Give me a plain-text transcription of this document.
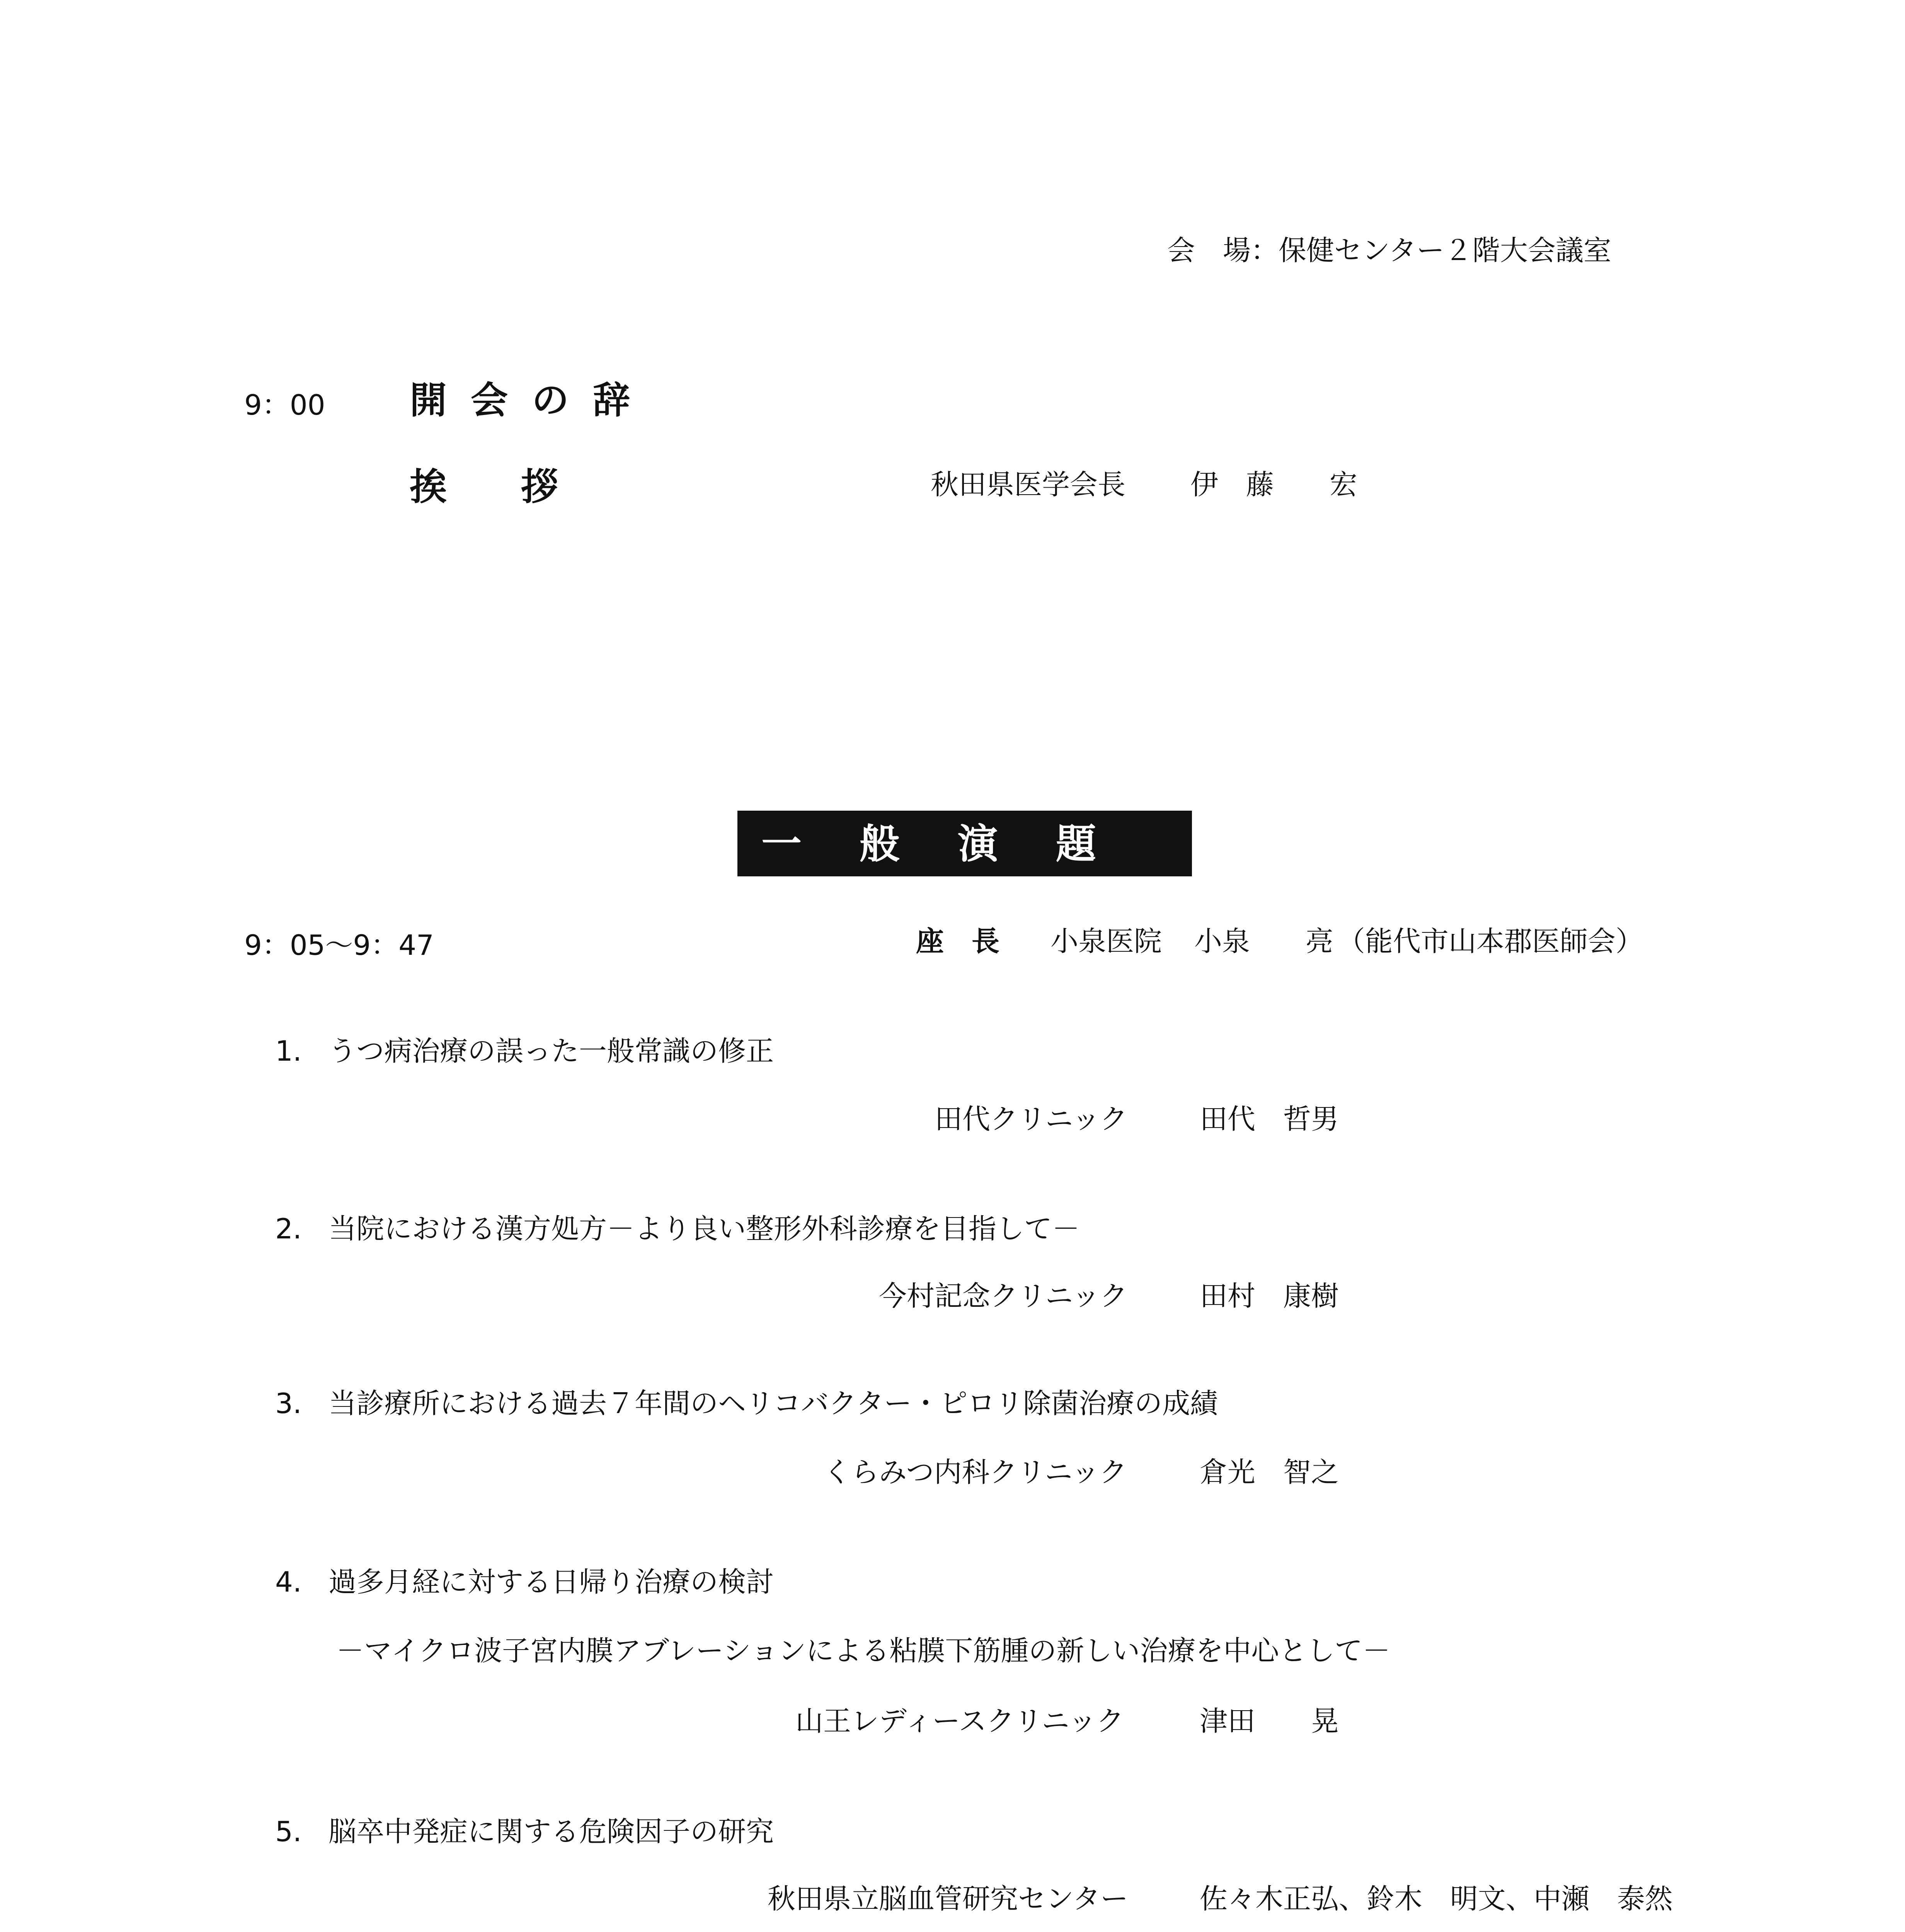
会　場：保健センター２階大会議室
9：00 開会の辞
挨　　拶	秋田県医学会長 伊　藤　　宏
一般演題
9：05〜9：47	座　長 小泉医院 小泉　　亮 （能代市山本郡医師会）
1. うつ病治療の誤った一般常識の修正
田代クリニック	田代　哲男
2. 当院における漢方処方－より良い整形外科診療を目指して－
今村記念クリニック	田村　康樹
3. 当診療所における過去７年間のヘリコバクター・ピロリ除菌治療の成績
くらみつ内科クリニック	倉光　智之
4. 過多月経に対する日帰り治療の検討
－マイクロ波子宮内膜アブレーションによる粘膜下筋腫の新しい治療を中心として－
山王レディースクリニック	津田　　晃
5. 脳卒中発症に関する危険因子の研究
秋田県立脳血管研究センター	佐々木正弘、鈴木　明文、中瀬　泰然
